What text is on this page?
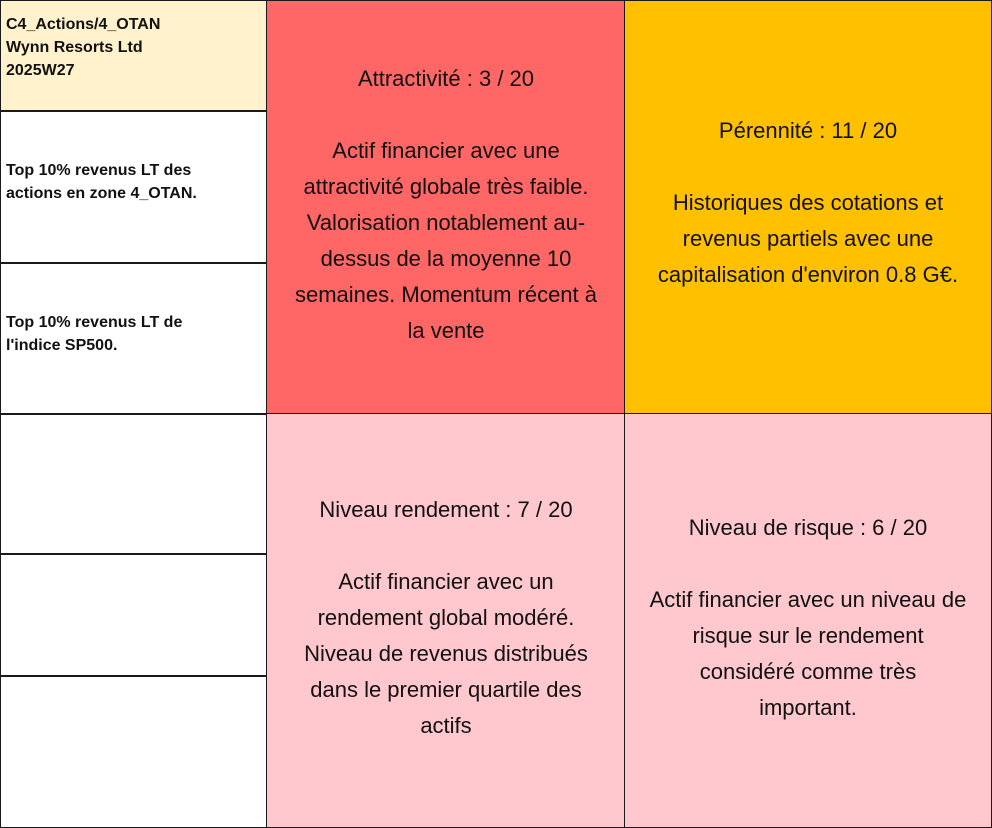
C4_Actions/4_OTAN
Wynn Resorts Ltd
2025W27
Top 10% revenus LT des
actions en zone 4_OTAN.
Top 10% revenus LT de
l'indice SP500.
Attractivité : 3 / 20
Actif financier avec une
attractivité globale très faible.
Valorisation notablement au-
dessus de la moyenne 10
semaines. Momentum récent à
la vente
Pérennité : 11 / 20
Historiques des cotations et
revenus partiels avec une
capitalisation d'environ 0.8 G€.
Niveau rendement : 7 / 20
Actif financier avec un
rendement global modéré.
Niveau de revenus distribués
dans le premier quartile des
actifs
Niveau de risque : 6 / 20
Actif financier avec un niveau de
risque sur le rendement
considéré comme très
important.
